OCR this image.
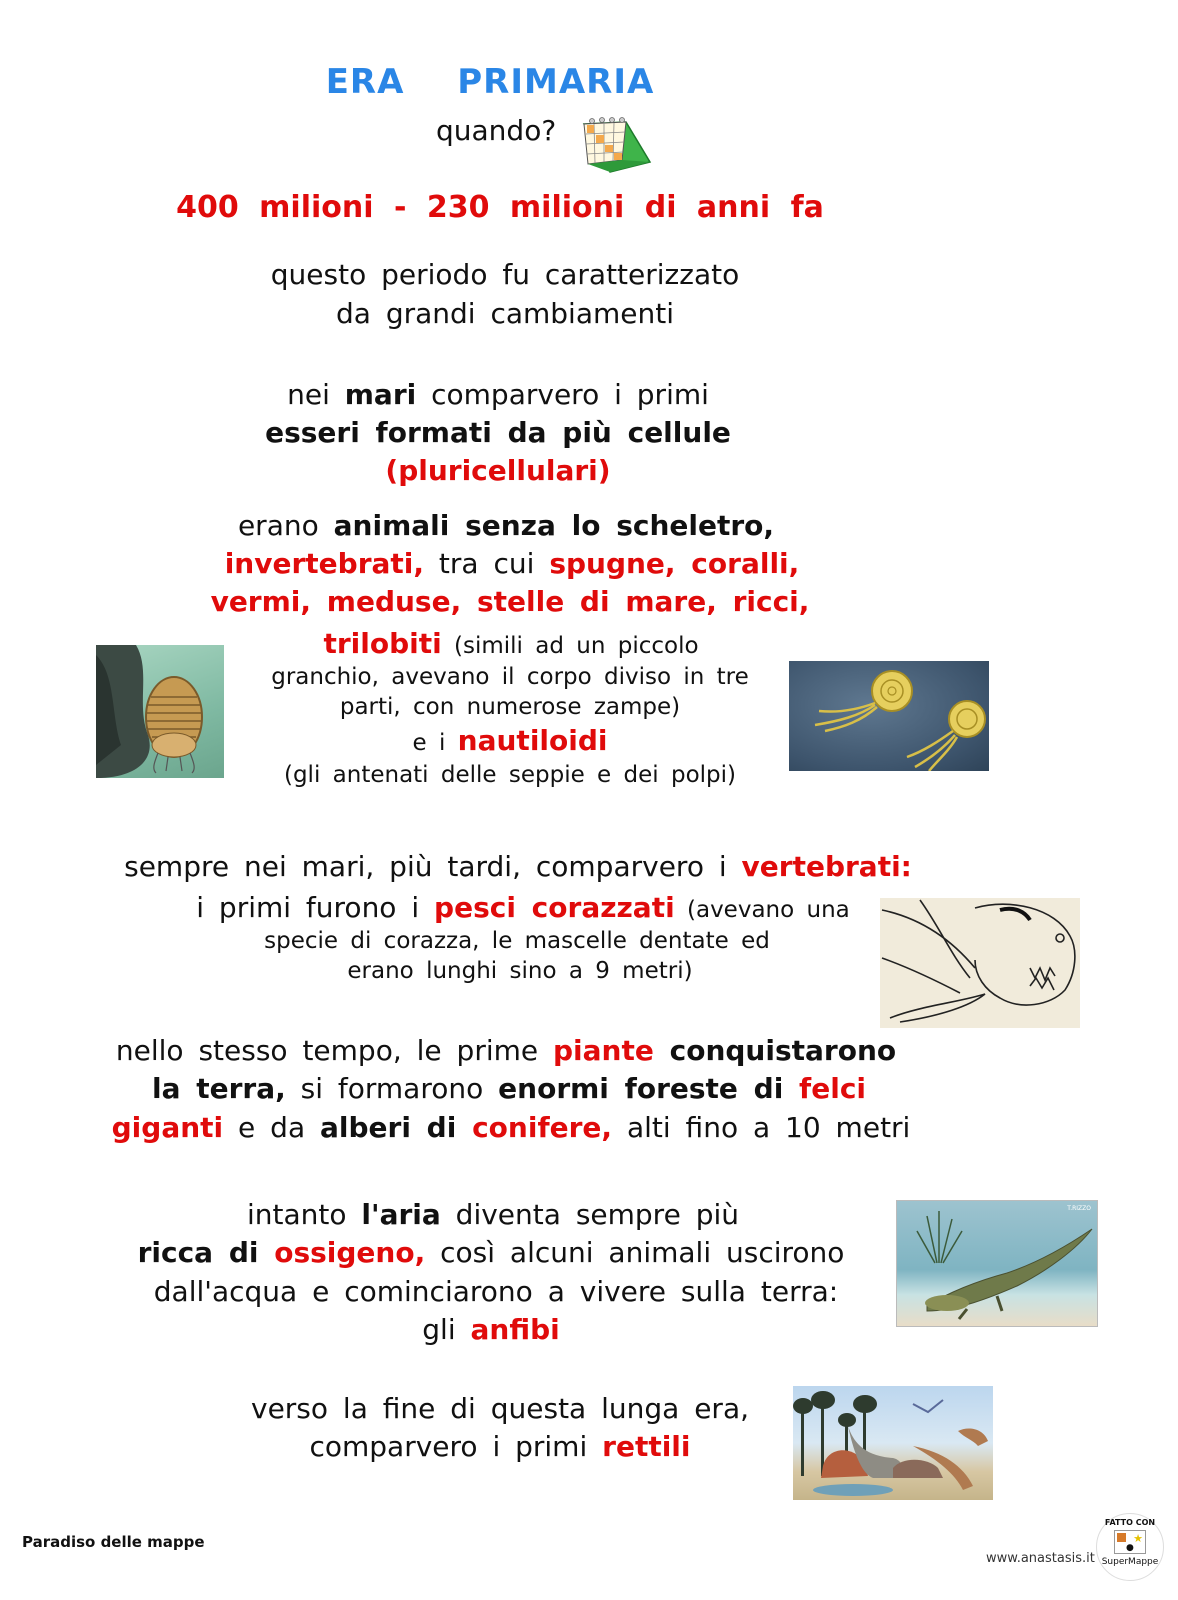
ERA PRIMARIA
quando?
400 milioni - 230 milioni di anni fa
questo periodo fu caratterizzato
da grandi cambiamenti
nei mari comparvero i primi
esseri formati da più cellule
(pluricellulari)
erano animali senza lo scheletro,
invertebrati, tra cui spugne, coralli,
vermi, meduse, stelle di mare, ricci,
trilobiti (simili ad un piccolo
granchio, avevano il corpo diviso in tre
parti, con numerose zampe)
e i nautiloidi
(gli antenati delle seppie e dei polpi)
sempre nei mari, più tardi, comparvero i vertebrati:
i primi furono i pesci corazzati (avevano una
specie di corazza, le mascelle dentate ed
erano lunghi sino a 9 metri)
nello stesso tempo, le prime piante conquistarono
la terra, si formarono enormi foreste di felci
giganti e da alberi di conifere, alti fino a 10 metri
intanto l'aria diventa sempre più
ricca di ossigeno, così alcuni animali uscirono
dall'acqua e cominciarono a vivere sulla terra:
gli anfibi
T.RIZZO
verso la fine di questa lunga era,
comparvero i primi rettili
Paradiso delle mappe
www.anastasis.it
FATTO CON
★
●
SuperMappe
